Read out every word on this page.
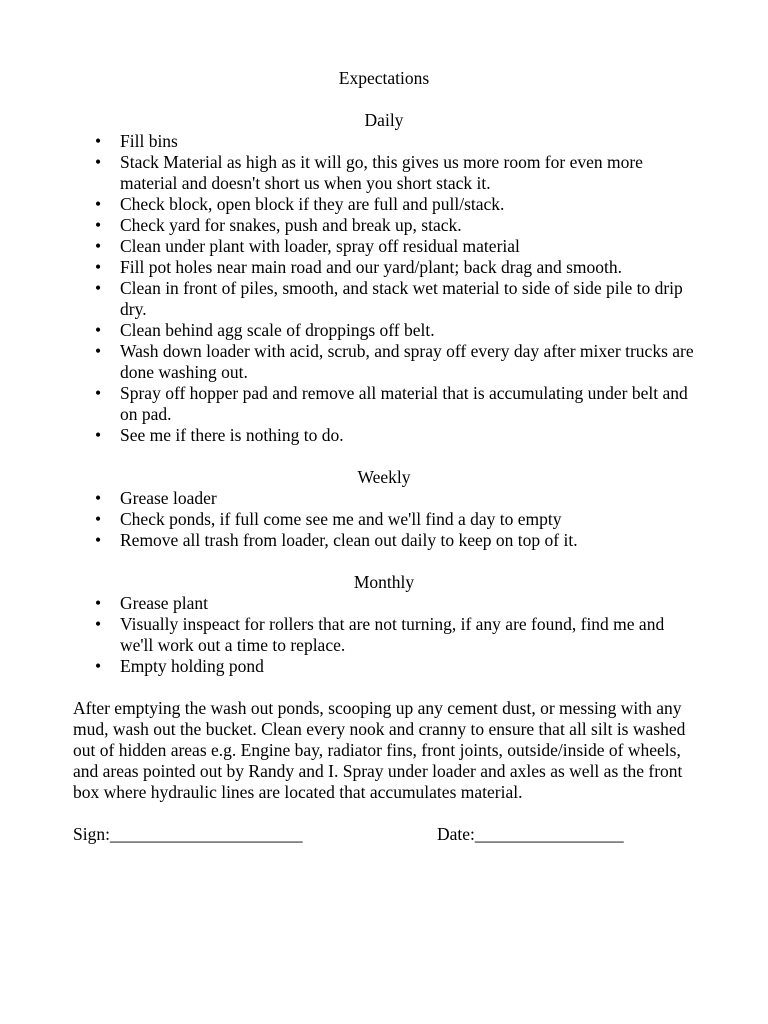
Expectations
Daily
• Fill bins
• Stack Material as high as it will go, this gives us more room for even more material and doesn't short us when you short stack it.
• Check block, open block if they are full and pull/stack.
• Check yard for snakes, push and break up, stack.
• Clean under plant with loader, spray off residual material
• Fill pot holes near main road and our yard/plant; back drag and smooth.
• Clean in front of piles, smooth, and stack wet material to side of side pile to drip dry.
• Clean behind agg scale of droppings off belt.
• Wash down loader with acid, scrub, and spray off every day after mixer trucks are done washing out.
• Spray off hopper pad and remove all material that is accumulating under belt and on pad.
• See me if there is nothing to do.
Weekly
• Grease loader
• Check ponds, if full come see me and we'll find a day to empty
• Remove all trash from loader, clean out daily to keep on top of it.
Monthly
• Grease plant
• Visually inspeact for rollers that are not turning, if any are found, find me and we'll work out a time to replace.
• Empty holding pond

After emptying the wash out ponds, scooping up any cement dust, or messing with any mud, wash out the bucket. Clean every nook and cranny to ensure that all silt is washed out of hidden areas e.g. Engine bay, radiator fins, front joints, outside/inside of wheels, and areas pointed out by Randy and I. Spray under loader and axles as well as the front box where hydraulic lines are located that accumulates material.

Sign:______________________	Date:_________________
